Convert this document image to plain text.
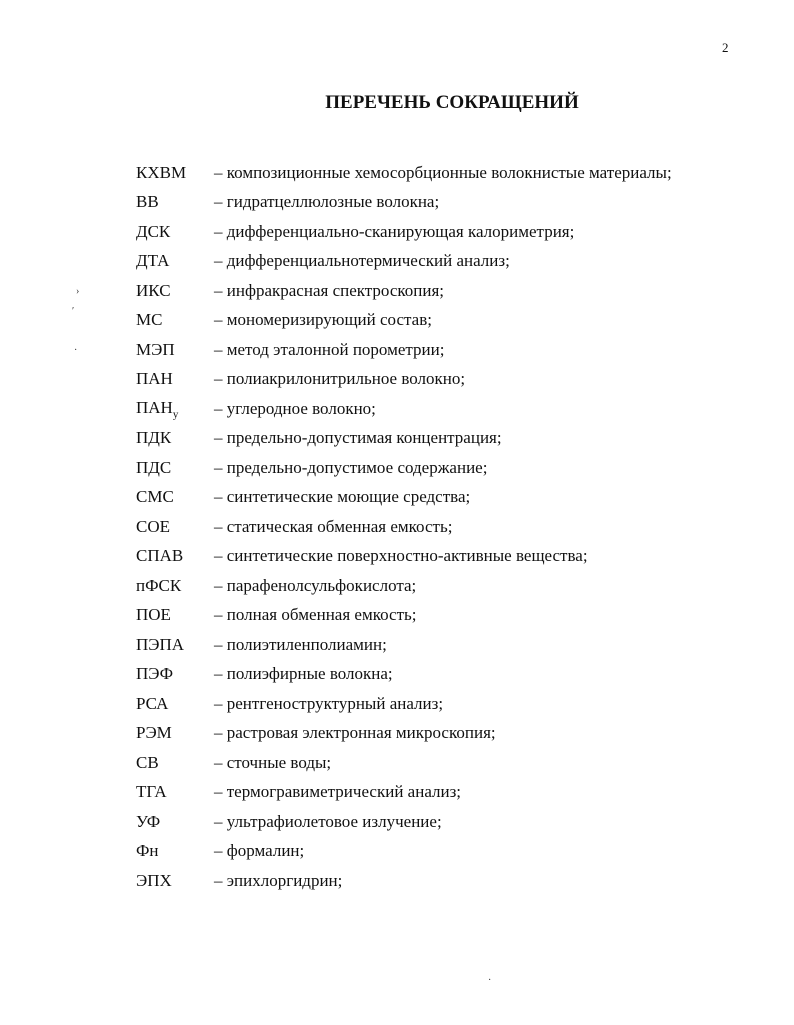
2
ПЕРЕЧЕНЬ СОКРАЩЕНИЙ
›
′
·
·
КХВМ	– композиционные хемосорбционные волокнистые материалы;
ВВ	– гидратцеллюлозные волокна;
ДСК	– дифференциально-сканирующая калориметрия;
ДТА	– дифференциальнотермический анализ;
ИКС	– инфракрасная спектроскопия;
МС	– мономеризирующий состав;
МЭП	– метод эталонной порометрии;
ПАН	– полиакрилонитрильное волокно;
$ПАН_у$	– углеродное волокно;
ПДК	– предельно-допустимая концентрация;
ПДС	– предельно-допустимое содержание;
СМС	– синтетические моющие средства;
СОЕ	– статическая обменная емкость;
СПАВ	– синтетические поверхностно-активные вещества;
пФСК	– парафенолсульфокислота;
ПОЕ	– полная обменная емкость;
ПЭПА	– полиэтиленполиамин;
ПЭФ	– полиэфирные волокна;
РСА	– рентгеноструктурный анализ;
РЭМ	– растровая электронная микроскопия;
СВ	– сточные воды;
ТГА	– термогравиметрический анализ;
УФ	– ультрафиолетовое излучение;
Фн	– формалин;
ЭПХ	– эпихлоргидрин;
